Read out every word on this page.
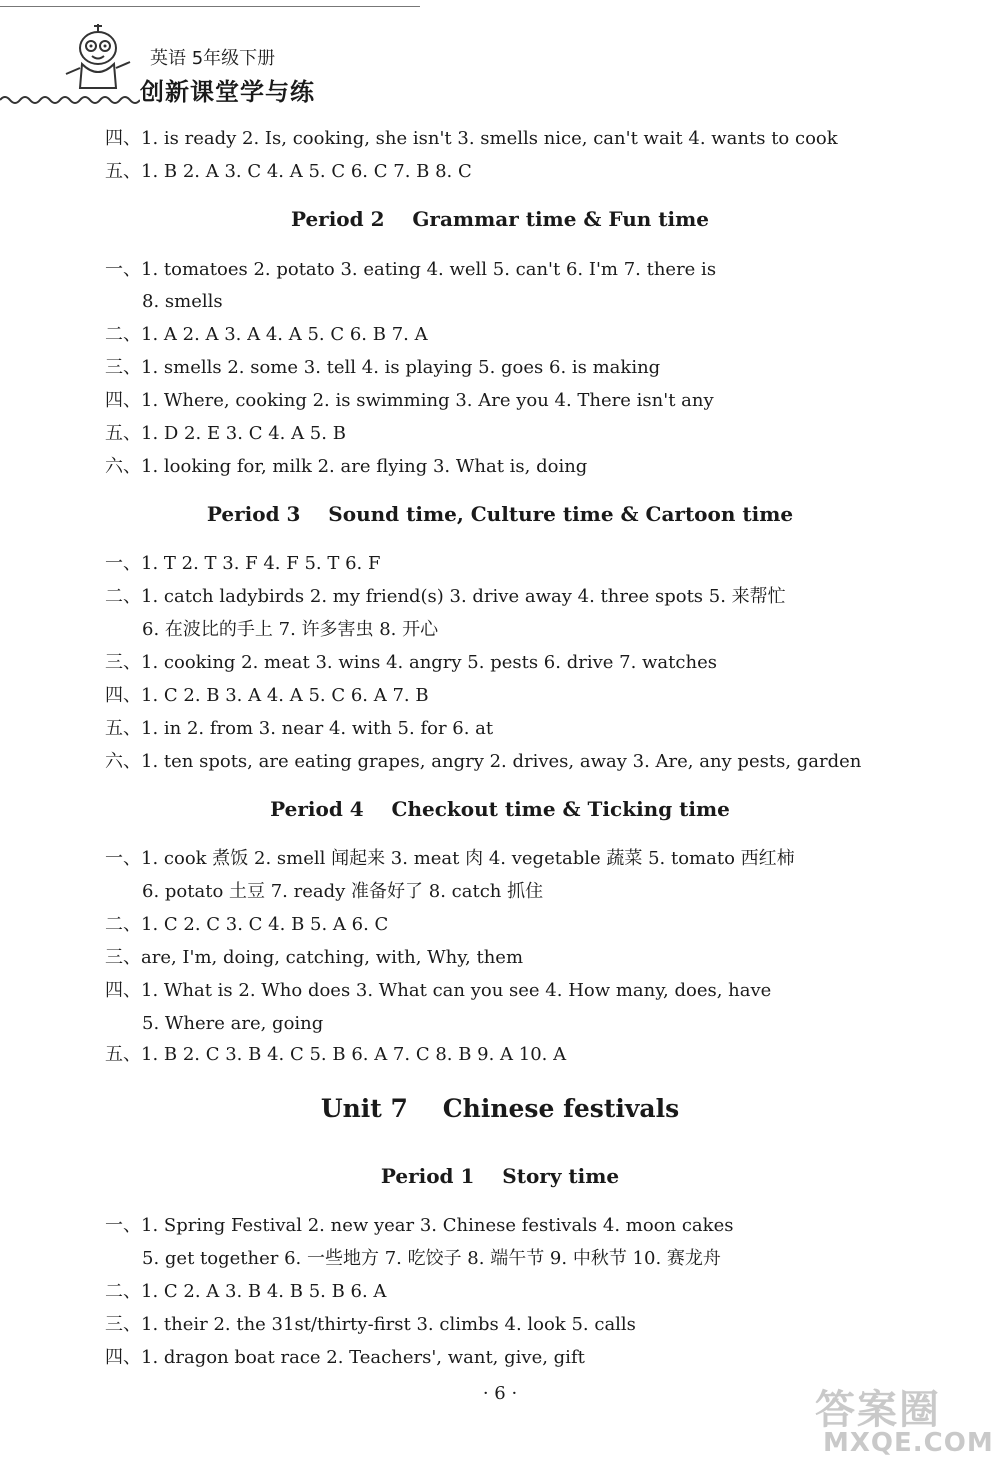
英语 5年级下册
创新课堂学与练
四、1. is ready 2. Is, cooking, she isn't 3. smells nice, can't wait 4. wants to cook
五、1. B 2. A 3. C 4. A 5. C 6. C 7. B 8. C
Period 2    Grammar time & Fun time
一、1. tomatoes 2. potato 3. eating 4. well 5. can't 6. I'm 7. there is
8. smells
二、1. A 2. A 3. A 4. A 5. C 6. B 7. A
三、1. smells 2. some 3. tell 4. is playing 5. goes 6. is making
四、1. Where, cooking 2. is swimming 3. Are you 4. There isn't any
五、1. D 2. E 3. C 4. A 5. B
六、1. looking for, milk 2. are flying 3. What is, doing
Period 3    Sound time, Culture time & Cartoon time
一、1. T 2. T 3. F 4. F 5. T 6. F
二、1. catch ladybirds 2. my friend(s) 3. drive away 4. three spots 5. 来帮忙
6. 在波比的手上 7. 许多害虫 8. 开心
三、1. cooking 2. meat 3. wins 4. angry 5. pests 6. drive 7. watches
四、1. C 2. B 3. A 4. A 5. C 6. A 7. B
五、1. in 2. from 3. near 4. with 5. for 6. at
六、1. ten spots, are eating grapes, angry 2. drives, away 3. Are, any pests, garden
Period 4    Checkout time & Ticking time
一、1. cook 煮饭 2. smell 闻起来 3. meat 肉 4. vegetable 蔬菜 5. tomato 西红柿
6. potato 土豆 7. ready 准备好了 8. catch 抓住
二、1. C 2. C 3. C 4. B 5. A 6. C
三、are, I'm, doing, catching, with, Why, them
四、1. What is 2. Who does 3. What can you see 4. How many, does, have
5. Where are, going
五、1. B 2. C 3. B 4. C 5. B 6. A 7. C 8. B 9. A 10. A
Unit 7    Chinese festivals
Period 1    Story time
一、1. Spring Festival 2. new year 3. Chinese festivals 4. moon cakes
5. get together 6. 一些地方 7. 吃饺子 8. 端午节 9. 中秋节 10. 赛龙舟
二、1. C 2. A 3. B 4. B 5. B 6. A
三、1. their 2. the 31st/thirty-first 3. climbs 4. look 5. calls
四、1. dragon boat race 2. Teachers', want, give, gift
· 6 ·	答案圈
MXQE.COM
